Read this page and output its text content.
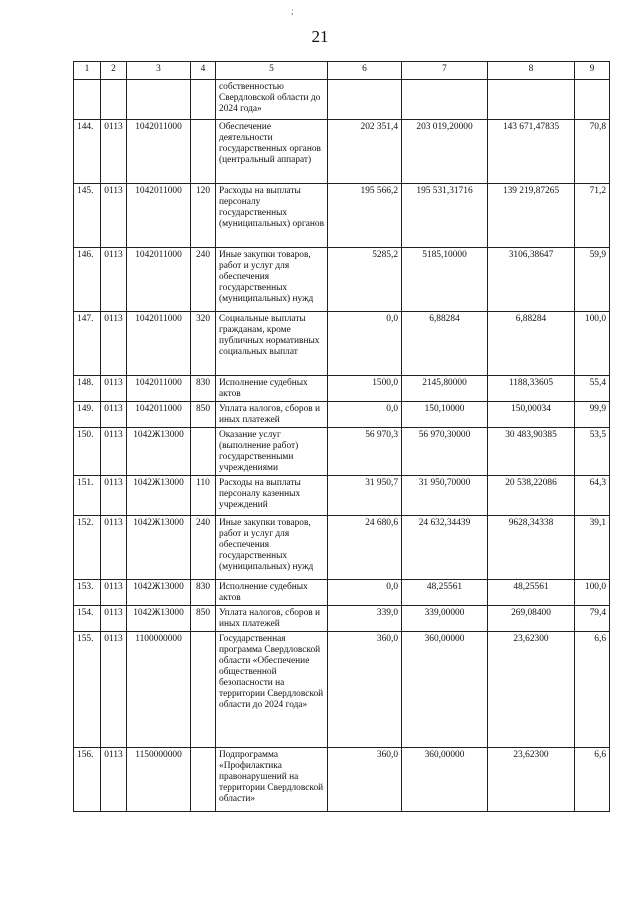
;
21
1	2	3	4	5	6	7	8	9
				собственностью Свердловской области до 2024 года»				
144.	0113	1042011000		Обеспечение деятельности государственных органов (центральный аппарат)	202 351,4	203 019,20000	143 671,47835	70,8
145.	0113	1042011000	120	Расходы на выплаты персоналу государственных (муниципальных) органов	195 566,2	195 531,31716	139 219,87265	71,2
146.	0113	1042011000	240	Иные закупки товаров, работ и услуг для обеспечения государственных (муниципальных) нужд	5285,2	5185,10000	3106,38647	59,9
147.	0113	1042011000	320	Социальные выплаты гражданам, кроме публичных нормативных социальных выплат	0,0	6,88284	6,88284	100,0
148.	0113	1042011000	830	Исполнение судебных актов	1500,0	2145,80000	1188,33605	55,4
149.	0113	1042011000	850	Уплата налогов, сборов и иных платежей	0,0	150,10000	150,00034	99,9
150.	0113	1042Ж13000		Оказание услуг (выполнение работ) государственными учреждениями	56 970,3	56 970,30000	30 483,90385	53,5
151.	0113	1042Ж13000	110	Расходы на выплаты персоналу казенных учреждений	31 950,7	31 950,70000	20 538,22086	64,3
152.	0113	1042Ж13000	240	Иные закупки товаров, работ и услуг для обеспечения государственных (муниципальных) нужд	24 680,6	24 632,34439	9628,34338	39,1
153.	0113	1042Ж13000	830	Исполнение судебных актов	0,0	48,25561	48,25561	100,0
154.	0113	1042Ж13000	850	Уплата налогов, сборов и иных платежей	339,0	339,00000	269,08400	79,4
155.	0113	1100000000		Государственная программа Свердловской области «Обеспечение общественной безопасности на территории Свердловской области до 2024 года»	360,0	360,00000	23,62300	6,6
156.	0113	1150000000		Подпрограмма «Профилактика правонарушений на территории Свердловской области»	360,0	360,00000	23,62300	6,6
